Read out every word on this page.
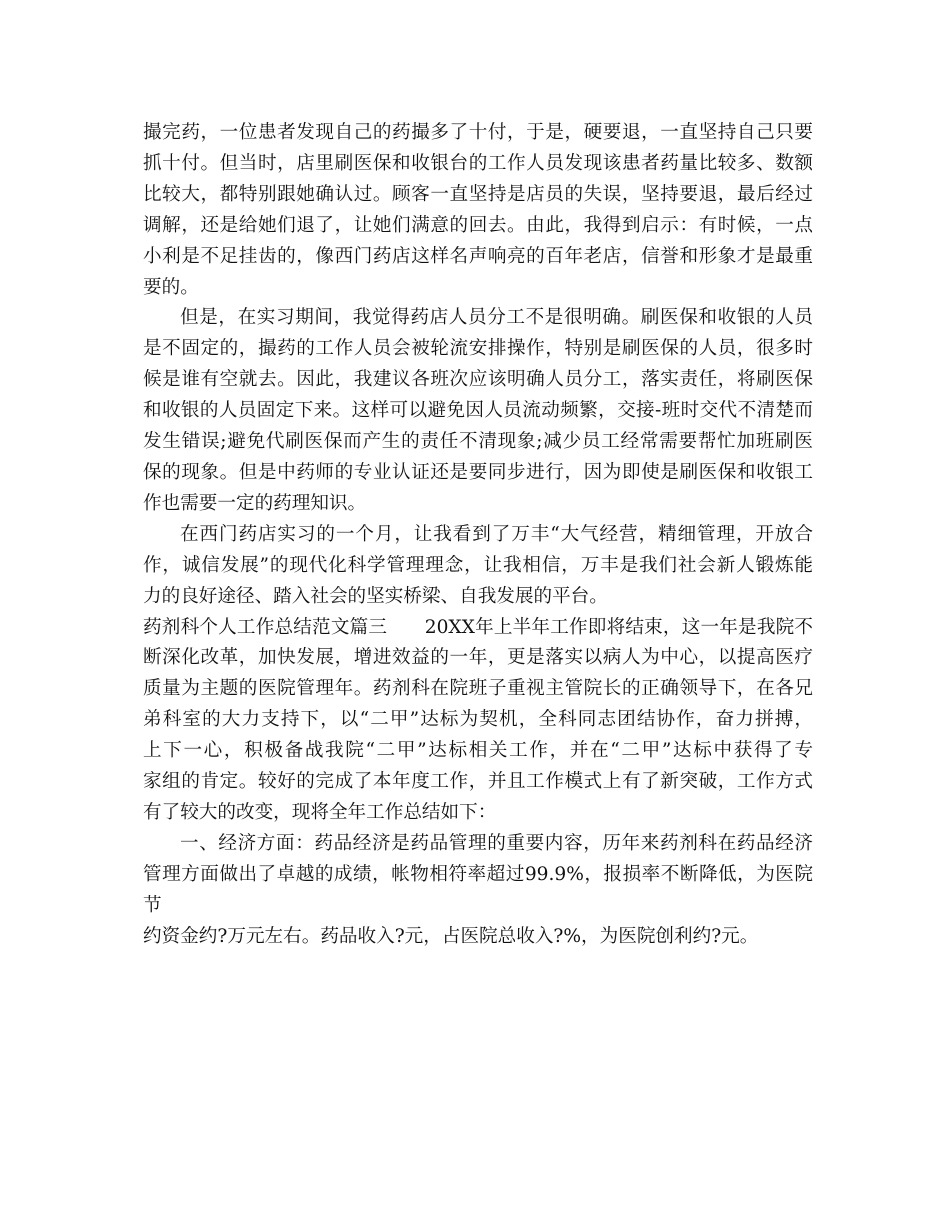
撮完药，一位患者发现自己的药撮多了十付，于是，硬要退，一直坚持自己只要
抓十付。但当时，店里刷医保和收银台的工作人员发现该患者药量比较多、数额
比较大，都特别跟她确认过。顾客一直坚持是店员的失误，坚持要退，最后经过
调解，还是给她们退了，让她们满意的回去。由此，我得到启示：有时候，一点
小利是不足挂齿的，像西门药店这样名声响亮的百年老店，信誉和形象才是最重
要的。

但是，在实习期间，我觉得药店人员分工不是很明确。刷医保和收银的人员
是不固定的，撮药的工作人员会被轮流安排操作，特别是刷医保的人员，很多时
候是谁有空就去。因此，我建议各班次应该明确人员分工，落实责任，将刷医保
和收银的人员固定下来。这样可以避免因人员流动频繁，交接-班时交代不清楚而
发生错误;避免代刷医保而产生的责任不清现象;减少员工经常需要帮忙加班刷医
保的现象。但是中药师的专业认证还是要同步进行，因为即使是刷医保和收银工
作也需要一定的药理知识。

在西门药店实习的一个月，让我看到了万丰“大气经营，精细管理，开放合
作，诚信发展”的现代化科学管理理念，让我相信，万丰是我们社会新人锻炼能
力的良好途径、踏入社会的坚实桥梁、自我发展的平台。

药剂科个人工作总结范文篇三　　20XX年上半年工作即将结束，这一年是我院不
断深化改革，加快发展，增进效益的一年，更是落实以病人为中心，以提高医疗
质量为主题的医院管理年。药剂科在院班子重视主管院长的正确领导下，在各兄
弟科室的大力支持下，以“二甲”达标为契机，全科同志团结协作，奋力拼搏，
上下一心，积极备战我院“二甲”达标相关工作，并在“二甲”达标中获得了专
家组的肯定。较好的完成了本年度工作，并且工作模式上有了新突破，工作方式
有了较大的改变，现将全年工作总结如下：

一、经济方面：药品经济是药品管理的重要内容，历年来药剂科在药品经济
管理方面做出了卓越的成绩，帐物相符率超过99.9%，报损率不断降低，为医院节
约资金约?万元左右。药品收入?元，占医院总收入?%，为医院创利约?元。
